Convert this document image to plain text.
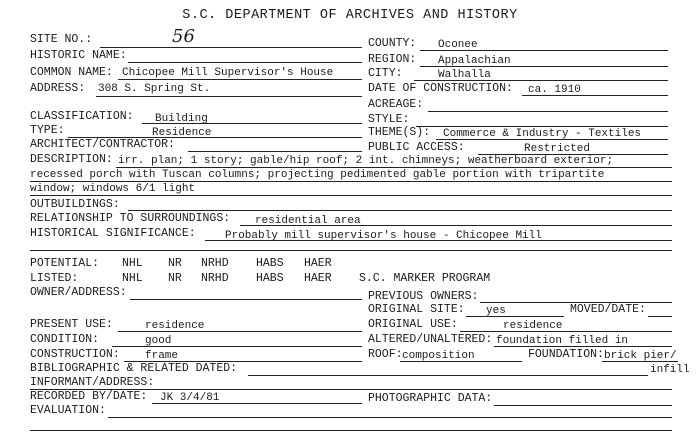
S.C. DEPARTMENT OF ARCHIVES AND HISTORY
SITE NO.:	56
HISTORIC NAME:
COMMON NAME: Chicopee Mill Supervisor's House
ADDRESS: 308 S. Spring St.
COUNTY: Oconee
REGION: Appalachian
CITY:	Walhalla
DATE OF CONSTRUCTION: ca. 1910
ACREAGE:
CLASSIFICATION: Building	STYLE:
TYPE:	Residence	THEME(S): Commerce & Industry - Textiles
ARCHITECT/CONTRACTOR:	PUBLIC ACCESS:	Restricted
DESCRIPTION: irr. plan; 1 story; gable/hip roof; 2 int. chimneys; weatherboard exterior;
recessed porch with Tuscan columns; projecting pedimented gable portion with tripartite
window; windows 6/1 light
OUTBUILDINGS:
RELATIONSHIP TO SURROUNDINGS: residential area
HISTORICAL SIGNIFICANCE:	Probably mill supervisor's house - Chicopee Mill
POTENTIAL: NHL NR NRHD HABS HAER
LISTED:	NHL NR NRHD HABS HAER S.C. MARKER PROGRAM
OWNER/ADDRESS:	PREVIOUS OWNERS:
ORIGINAL SITE: yes	MOVED/DATE:
PRESENT USE:	residence	ORIGINAL USE:	residence
CONDITION:	good	ALTERED/UNALTERED: foundation filled in
CONSTRUCTION: frame	ROOF: composition	FOUNDATION: brick pier/
infill
BIBLIOGRAPHIC & RELATED DATED:
INFORMANT/ADDRESS:
RECORDED BY/DATE: JK 3/4/81	PHOTOGRAPHIC DATA:
EVALUATION:
